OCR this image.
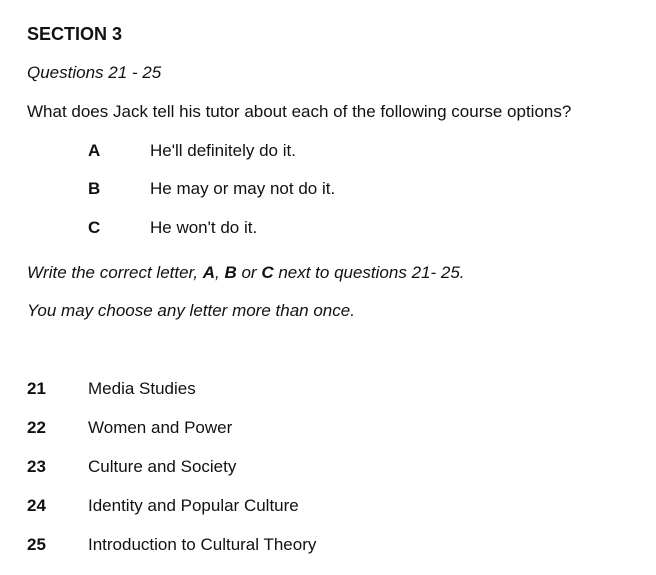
SECTION 3
Questions 21 - 25
What does Jack tell his tutor about each of the following course options?
A	He'll definitely do it.
B	He may or may not do it.
C	He won't do it.
Write the correct letter, A, B or C next to questions 21- 25.
You may choose any letter more than once.
21	Media Studies
22	Women and Power
23	Culture and Society
24	Identity and Popular Culture
25	Introduction to Cultural Theory
